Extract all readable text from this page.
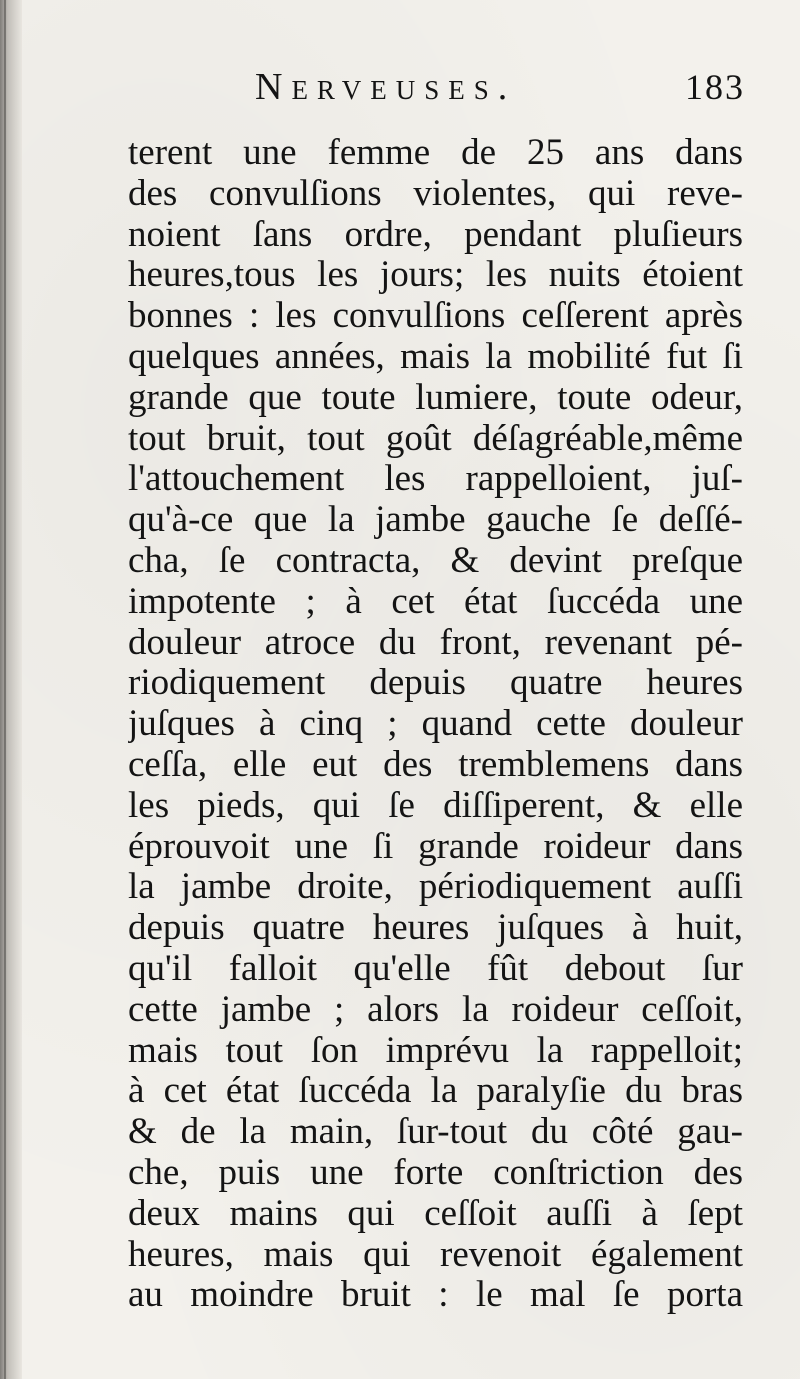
Nerveuses.	183
terent une femme de 25 ans dans
des convulſions violentes, qui reve-
noient ſans ordre, pendant pluſieurs
heures,tous les jours; les nuits étoient
bonnes : les convulſions ceſſerent après
quelques années, mais la mobilité fut ſi
grande que toute lumiere, toute odeur,
tout bruit, tout goût déſagréable,même
l'attouchement les rappelloient, juſ-
qu'à-ce que la jambe gauche ſe deſſé-
cha, ſe contracta, & devint preſque
impotente ; à cet état ſuccéda une
douleur atroce du front, revenant pé-
riodiquement depuis quatre heures
juſques à cinq ; quand cette douleur
ceſſa, elle eut des tremblemens dans
les pieds, qui ſe diſſiperent, & elle
éprouvoit une ſi grande roideur dans
la jambe droite, périodiquement auſſi
depuis quatre heures juſques à huit,
qu'il falloit qu'elle fût debout ſur
cette jambe ; alors la roideur ceſſoit,
mais tout ſon imprévu la rappelloit;
à cet état ſuccéda la paralyſie du bras
& de la main, ſur-tout du côté gau-
che, puis une forte conſtriction des
deux mains qui ceſſoit auſſi à ſept
heures, mais qui revenoit également
au moindre bruit : le mal ſe porta
